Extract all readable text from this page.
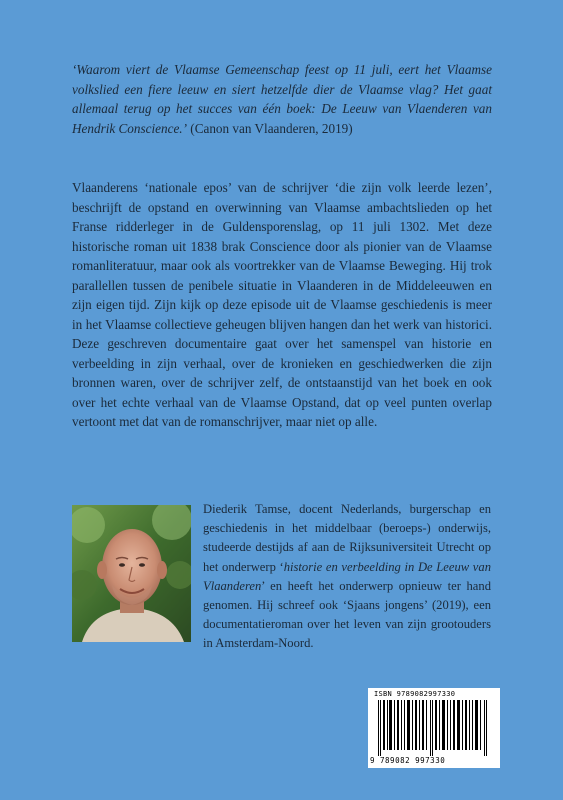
‘Waarom viert de Vlaamse Gemeenschap feest op 11 juli, eert het Vlaamse volkslied een fiere leeuw en siert hetzelfde dier de Vlaamse vlag? Het gaat allemaal terug op het succes van één boek: De Leeuw van Vlaenderen van Hendrik Conscience.’ (Canon van Vlaanderen, 2019)
Vlaanderens ‘nationale epos’ van de schrijver ‘die zijn volk leerde lezen’, beschrijft de opstand en overwinning van Vlaamse ambachtslieden op het Franse ridderleger in de Guldensporenslag, op 11 juli 1302. Met deze historische roman uit 1838 brak Conscience door als pionier van de Vlaamse romanliteratuur, maar ook als voortrekker van de Vlaamse Beweging. Hij trok parallellen tussen de penibele situatie in Vlaanderen in de Middeleeuwen en zijn eigen tijd. Zijn kijk op deze episode uit de Vlaamse geschiedenis is meer in het Vlaamse collectieve geheugen blijven hangen dan het werk van historici. Deze geschreven documentaire gaat over het samenspel van historie en verbeelding in zijn verhaal, over de kronieken en geschiedwerken die zijn bronnen waren, over de schrijver zelf, de ontstaanstijd van het boek en ook over het echte verhaal van de Vlaamse Opstand, dat op veel punten overlap vertoont met dat van de romanschrijver, maar niet op alle.
Diederik Tamse, docent Nederlands, burgerschap en geschiedenis in het middelbaar (beroeps-) onderwijs, studeerde destijds af aan de Rijksuniversiteit Utrecht op het onderwerp ‘historie en verbeelding in De Leeuw van Vlaanderen’ en heeft het onderwerp opnieuw ter hand genomen. Hij schreef ook ‘Sjaans jongens’ (2019), een documentatieroman over het leven van zijn grootouders in Amsterdam-Noord.
ISBN 9789082997330
9 789082 997330
